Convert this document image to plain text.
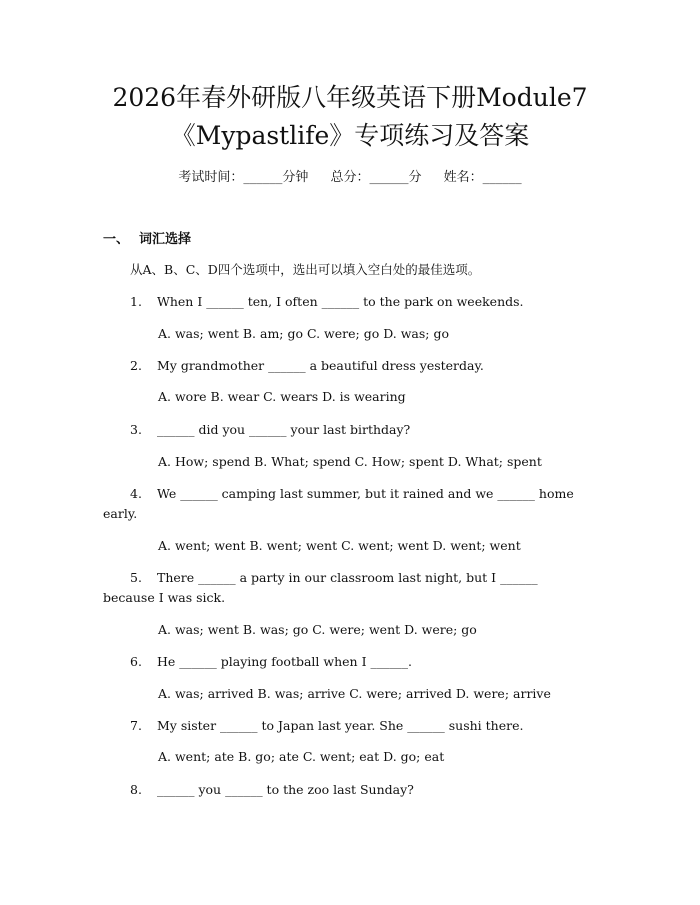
2026年春外研版八年级英语下册Module7
《Mypastlife》专项练习及答案
考试时间：______分钟 总分：______分 姓名：______
一、 词汇选择
从A、B、C、D四个选项中，选出可以填入空白处的最佳选项。
1. When I ______ ten, I often ______ to the park on weekends.
A. was; went B. am; go C. were; go D. was; go
2. My grandmother ______ a beautiful dress yesterday.
A. wore B. wear C. wears D. is wearing
3. ______ did you ______ your last birthday?
A. How; spend B. What; spend C. How; spent D. What; spent
4. We ______ camping last summer, but it rained and we ______ home
early.
A. went; went B. went; went C. went; went D. went; went
5. There ______ a party in our classroom last night, but I ______
because I was sick.
A. was; went B. was; go C. were; went D. were; go
6. He ______ playing football when I ______.
A. was; arrived B. was; arrive C. were; arrived D. were; arrive
7. My sister ______ to Japan last year. She ______ sushi there.
A. went; ate B. go; ate C. went; eat D. go; eat
8. ______ you ______ to the zoo last Sunday?
